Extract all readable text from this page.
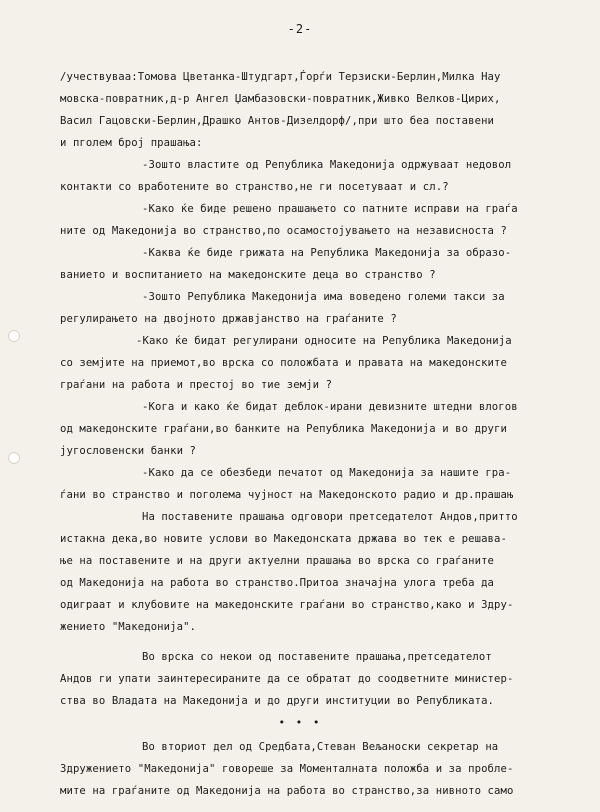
-2-
/учествуваа:Томова Цветанка-Штудгарт,Ѓорѓи Терзиски-Берлин,Милка Нау
мовска-повратник,д-р Ангел Џамбазовски-повратник,Живко Велков-Цирих,
Васил Гацовски-Берлин,Драшко Антов-Дизелдорф/,при што беа поставени
и пголем број прашања:
-Зошто властите од Република Македонија одржуваат недовол
контакти со вработените во странство,не ги посетуваат и сл.?
-Како ќе биде решено прашањето со патните исправи на граѓа
ните од Македонија во странство,по осамостојувањето на независноста ?
-Каква ќе биде грижата на Република Македонија за образо-
ванието и воспитанието на македонските деца во странство ?
-Зошто Република Македонија има воведено големи такси за
регулирањето на двојното државјанство на граѓаните ?
-Како ќе бидат регулирани односите на Република Македонија
со земјите на приемот,во врска со положбата и правата на македонските
граѓани на работа и престој во тие земји ?
-Кога и како ќе бидат деблок-ирани девизните штедни влогов
од македонските граѓани,во банките на Република Македонија и во други
југословенски банки ?
-Како да се обезбеди печатот од Македонија за нашите гра-
ѓани во странство и поголема чујност на Македонското радио и др.прашањ
На поставените прашања одговори претседателот Андов,притто
истакна дека,во новите услови во Македонската држава во тек е решава-
ње на поставените и на други актуелни прашања во врска со граѓаните
од Македонија на работа во странство.Притоа значајна улога треба да
одиграат и клубовите на македонските граѓани во странство,како и Здру-
жението "Македонија".
Во врска со некои од поставените прашања,претседателот
Андов ги упати заинтересираните да се обратат до соодветните министер-
ства во Владата на Македонија и до други институции во Републиката.
Во вториот дел од Средбата,Стеван Вељаноски секретар на
Здружението "Македонија" говореше за Моменталната положба и за пробле-
мите на граѓаните од Македонија на работа во странство,за нивното само
• • •
